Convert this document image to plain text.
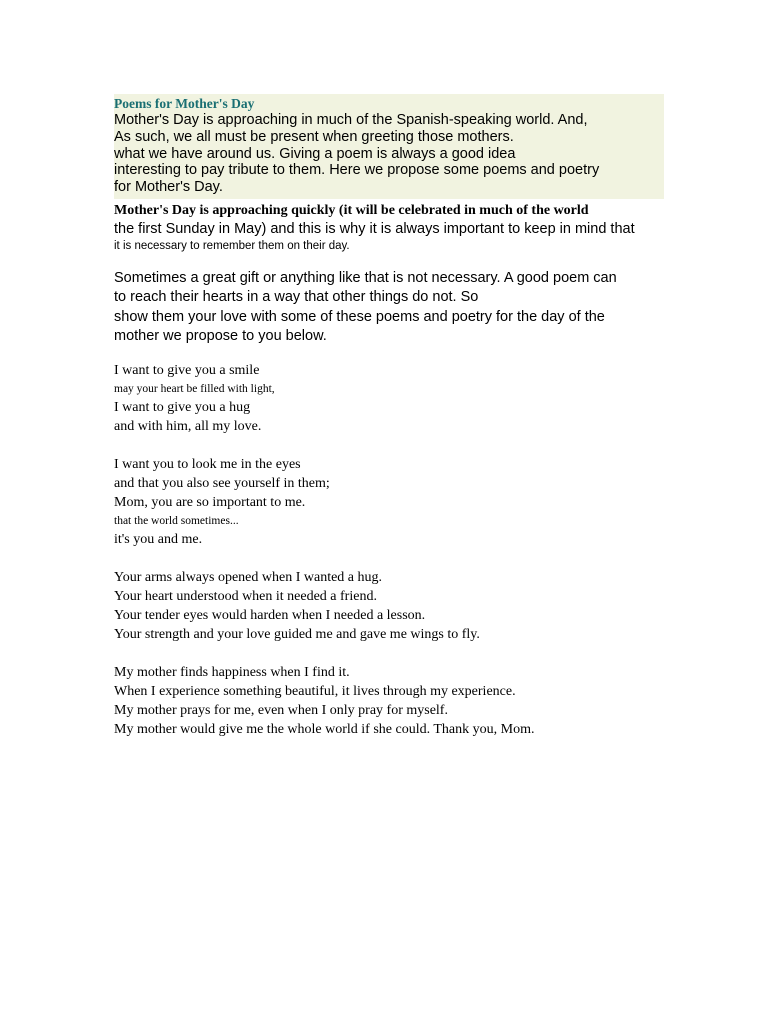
Poems for Mother's Day
Mother's Day is approaching in much of the Spanish-speaking world. And,
As such, we all must be present when greeting those mothers.
what we have around us. Giving a poem is always a good idea
interesting to pay tribute to them. Here we propose some poems and poetry
for Mother's Day.
Mother's Day is approaching quickly (it will be celebrated in much of the world
the first Sunday in May) and this is why it is always important to keep in mind that
it is necessary to remember them on their day.
Sometimes a great gift or anything like that is not necessary. A good poem can
to reach their hearts in a way that other things do not. So
show them your love with some of these poems and poetry for the day of the
mother we propose to you below.
I want to give you a smile
may your heart be filled with light,
I want to give you a hug
and with him, all my love.
I want you to look me in the eyes
and that you also see yourself in them;
Mom, you are so important to me.
that the world sometimes...
it's you and me.
Your arms always opened when I wanted a hug.
Your heart understood when it needed a friend.
Your tender eyes would harden when I needed a lesson.
Your strength and your love guided me and gave me wings to fly.
My mother finds happiness when I find it.
When I experience something beautiful, it lives through my experience.
My mother prays for me, even when I only pray for myself.
My mother would give me the whole world if she could. Thank you, Mom.
